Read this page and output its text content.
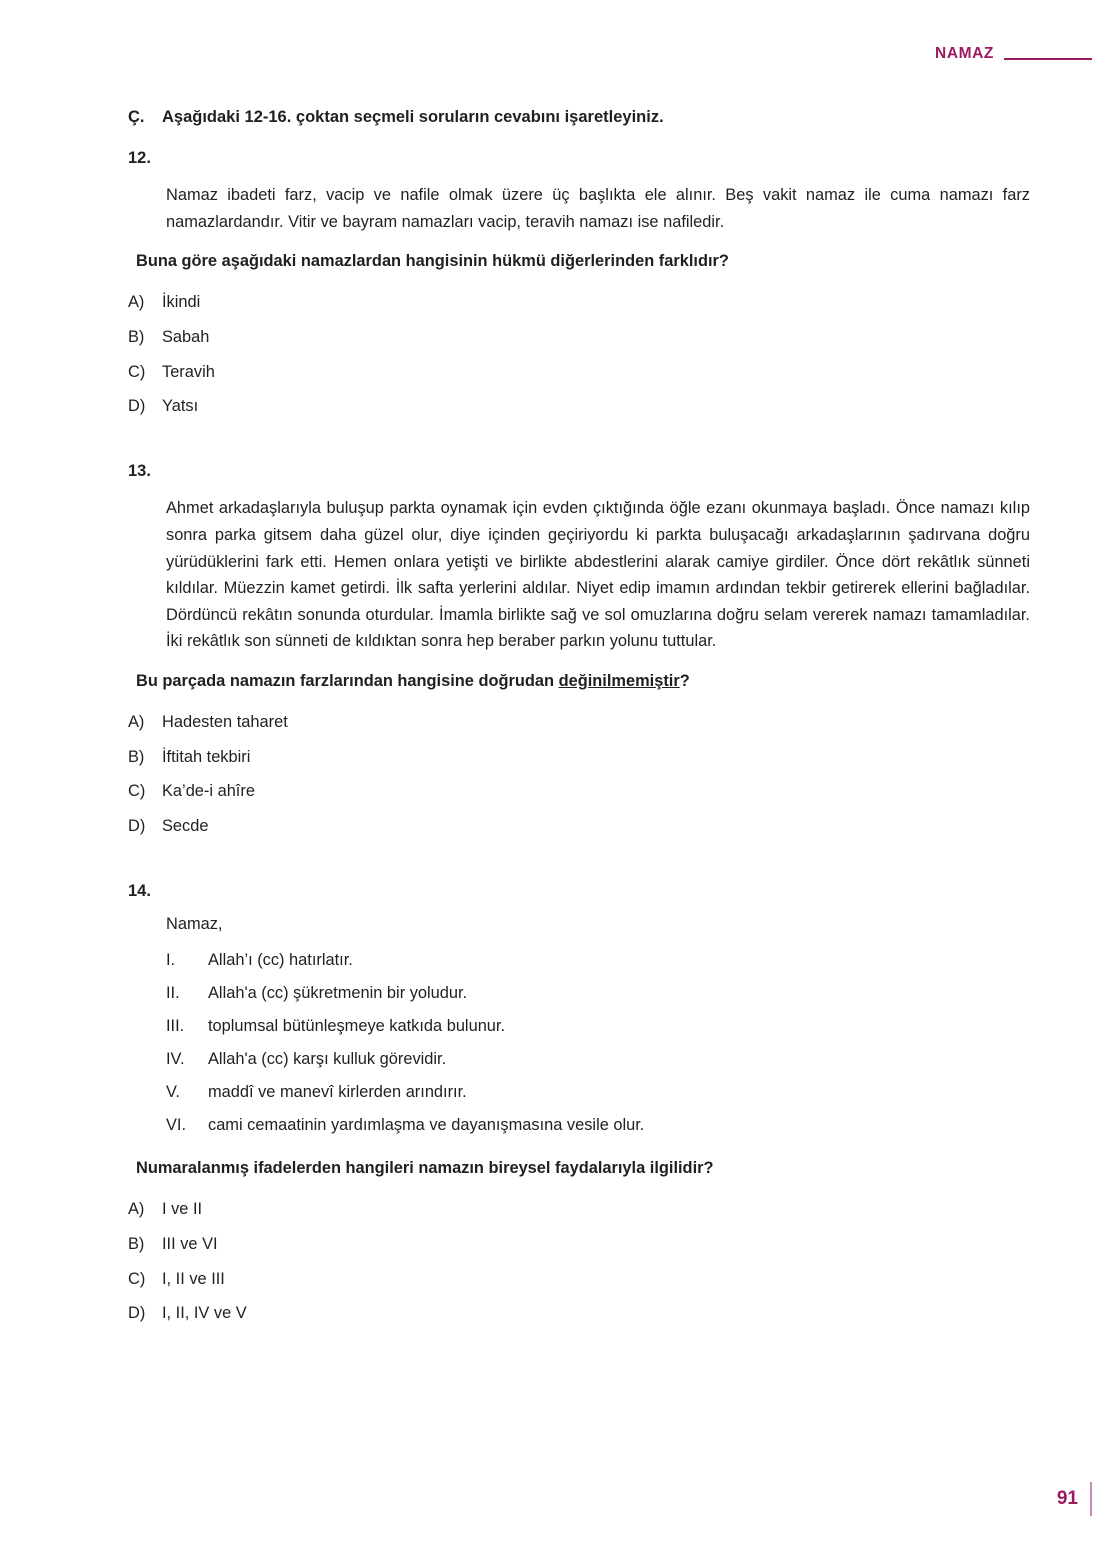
NAMAZ
Ç.	Aşağıdaki 12-16. çoktan seçmeli soruların cevabını işaretleyiniz.
12.

Namaz ibadeti farz, vacip ve nafile olmak üzere üç başlıkta ele alınır. Beş vakit namaz ile cuma namazı farz namazlardandır. Vitir ve bayram namazları vacip, teravih namazı ise nafiledir.

Buna göre aşağıdaki namazlardan hangisinin hükmü diğerlerinden farklıdır?
A)	İkindi
B)	Sabah
C)	Teravih
D)	Yatsı
13.

Ahmet arkadaşlarıyla buluşup parkta oynamak için evden çıktığında öğle ezanı okunmaya başladı. Önce namazı kılıp sonra parka gitsem daha güzel olur, diye içinden geçiriyordu ki parkta buluşacağı arkadaşlarının şadırvana doğru yürüdüklerini fark etti. Hemen onlara yetişti ve birlikte abdestlerini alarak camiye girdiler. Önce dört rekâtlık sünneti kıldılar. Müezzin kamet getirdi. İlk safta yerlerini aldılar. Niyet edip imamın ardından tekbir getirerek ellerini bağladılar. Dördüncü rekâtın sonunda oturdular. İmamla birlikte sağ ve sol omuzlarına doğru selam vererek namazı tamamladılar. İki rekâtlık son sünneti de kıldıktan sonra hep beraber parkın yolunu tuttular.

Bu parçada namazın farzlarından hangisine doğrudan değinilmemiştir?
A)	Hadesten taharet
B)	İftitah tekbiri
C)	Ka’de-i ahîre
D)	Secde
14.
Namaz,
I.	Allah’ı (cc) hatırlatır.
II.	Allah'a (cc) şükretmenin bir yoludur.
III.	toplumsal bütünleşmeye katkıda bulunur.
IV.	Allah'a (cc) karşı kulluk görevidir.
V.	maddî ve manevî kirlerden arındırır.
VI.	cami cemaatinin yardımlaşma ve dayanışmasına vesile olur.
Numaralanmış ifadelerden hangileri namazın bireysel faydalarıyla ilgilidir?
A)	I ve II
B)	III ve VI
C)	I, II ve III
D)	I, II, IV ve V
91
